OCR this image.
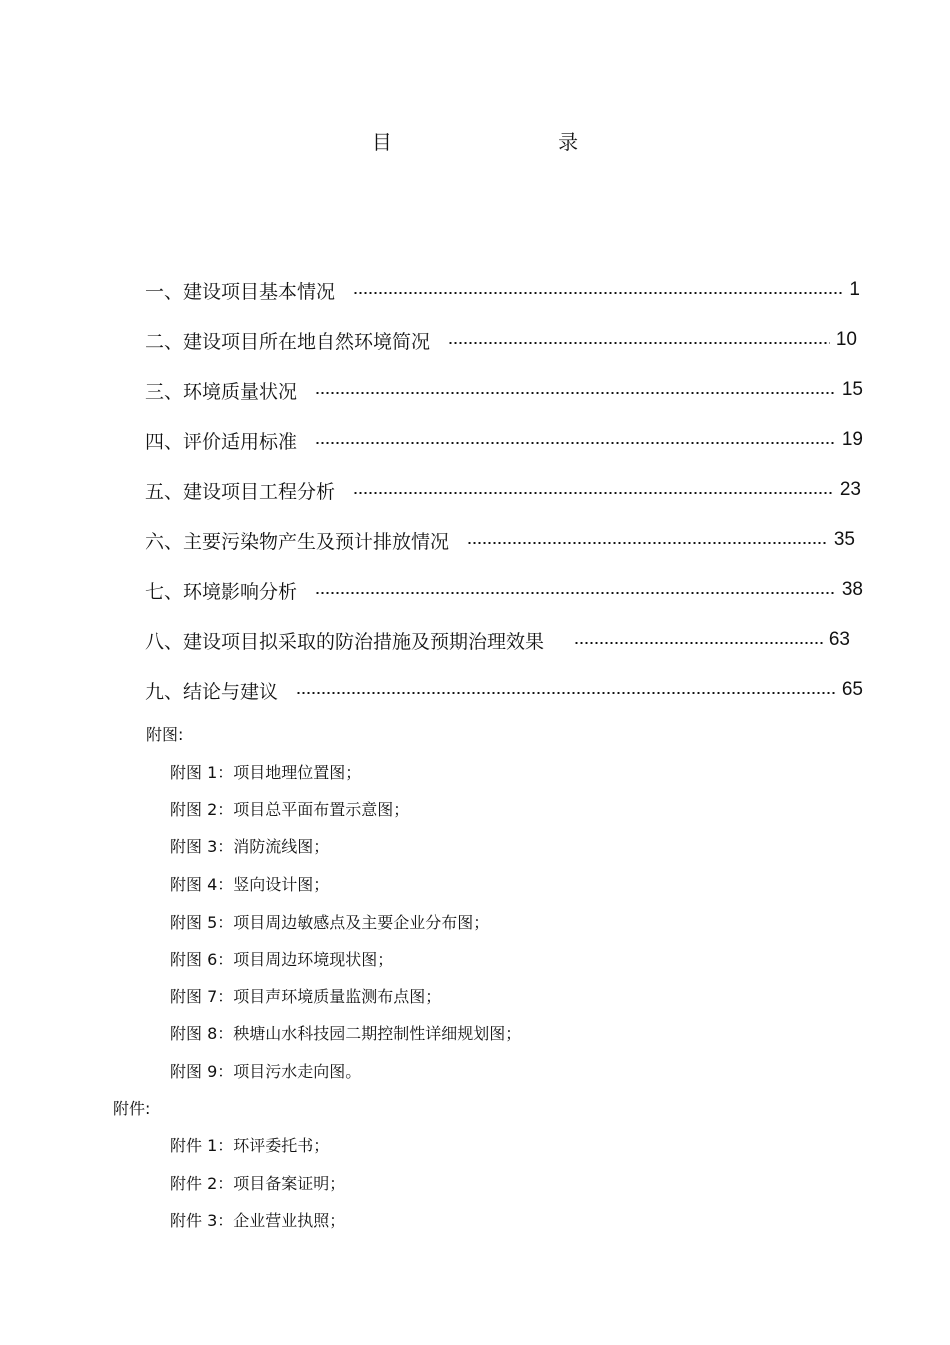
目 录
一、建设项目基本情况	1
二、建设项目所在地自然环境简况	10
三、环境质量状况	15
四、评价适用标准	19
五、建设项目工程分析	23
六、主要污染物产生及预计排放情况	35
七、环境影响分析	38
八、建设项目拟采取的防治措施及预期治理效果	63
九、结论与建议	65
附图:
附图 1：项目地理位置图；
附图 2：项目总平面布置示意图；
附图 3：消防流线图；
附图 4：竖向设计图；
附图 5：项目周边敏感点及主要企业分布图；
附图 6：项目周边环境现状图；
附图 7：项目声环境质量监测布点图；
附图 8：秧塘山水科技园二期控制性详细规划图；
附图 9：项目污水走向图。
附件:
附件 1：环评委托书；
附件 2：项目备案证明；
附件 3：企业营业执照；
